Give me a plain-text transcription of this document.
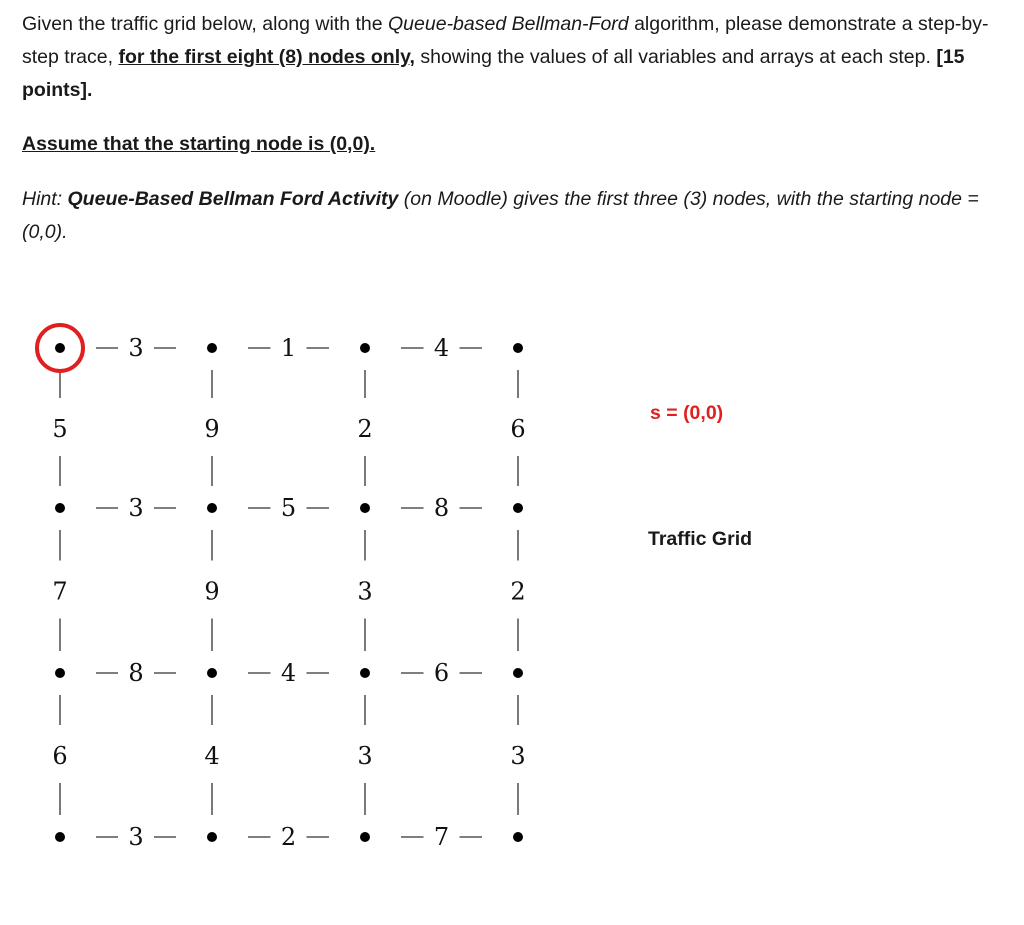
Given the traffic grid below, along with the Queue-based Bellman-Ford algorithm, please demonstrate a step-by-step trace, for the first eight (8) nodes only, showing the values of all variables and arrays at each step. [15 points].
Assume that the starting node is (0,0).
Hint: Queue-Based Bellman Ford Activity (on Moodle) gives the first three (3) nodes, with the starting node = (0,0).
3	1	4
3	5	8
8	4	6
3	2	7
5	9	2	6
7	9	3	2
6	4	3	3
s = (0,0)
Traffic Grid
